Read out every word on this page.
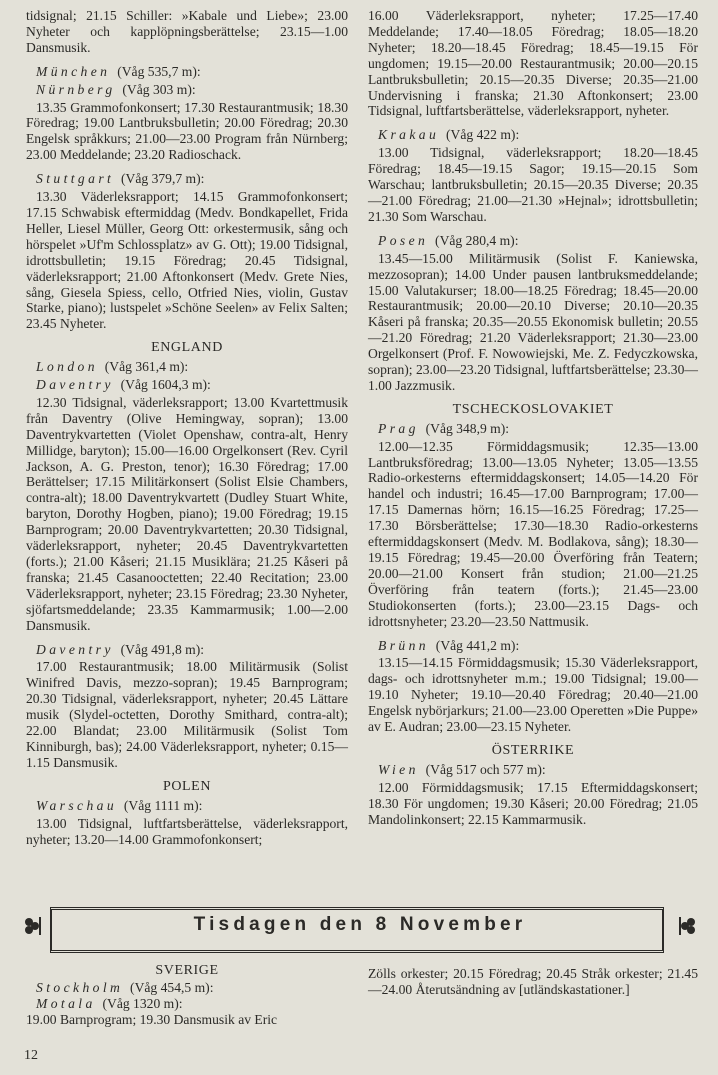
tidsignal; 21.15 Schiller: »Kabale und Liebe»; 23.00 Nyheter och kapplöpningsberättelse; 23.15—1.00 Dansmusik.

München (Våg 535,7 m):
Nürnberg (Våg 303 m):

13.35 Grammofonkonsert; 17.30 Restaurantmusik; 18.30 Föredrag; 19.00 Lantbruksbulletin; 20.00 Föredrag; 20.30 Engelsk språkkurs; 21.00—23.00 Program från Nürnberg; 23.00 Meddelande; 23.20 Radioschack.

Stuttgart (Våg 379,7 m):

13.30 Väderleksrapport; 14.15 Grammofonkonsert; 17.15 Schwabisk eftermiddag (Medv. Bondkapellet, Frida Heller, Liesel Müller, Georg Ott: orkestermusik, sång och hörspelet »Uf'm Schlossplatz» av G. Ott); 19.00 Tidsignal, idrottsbulletin; 19.15 Föredrag; 20.45 Tidsignal, väderleksrapport; 21.00 Aftonkonsert (Medv. Grete Nies, sång, Giesela Spiess, cello, Otfried Nies, violin, Gustav Starke, piano); lustspelet »Schöne Seelen» av Felix Salten; 23.45 Nyheter.

ENGLAND
London (Våg 361,4 m):
Daventry (Våg 1604,3 m):

12.30 Tidsignal, väderleksrapport; 13.00 Kvartettmusik från Daventry (Olive Hemingway, sopran); 13.00 Daventrykvartetten (Violet Openshaw, contra-alt, Henry Millidge, baryton); 15.00—16.00 Orgelkonsert (Rev. Cyril Jackson, A. G. Preston, tenor); 16.30 Föredrag; 17.00 Berättelser; 17.15 Militärkonsert (Solist Elsie Chambers, contra-alt); 18.00 Daventrykvartett (Dudley Stuart White, baryton, Dorothy Hogben, piano); 19.00 Föredrag; 19.15 Barnprogram; 20.00 Daventrykvartetten; 20.30 Tidsignal, väderleksrapport, nyheter; 20.45 Daventrykvartetten (forts.); 21.00 Kåseri; 21.15 Musiklära; 21.25 Kåseri på franska; 21.45 Casanooctetten; 22.40 Recitation; 23.00 Väderleksrapport, nyheter; 23.15 Föredrag; 23.30 Nyheter, sjöfartsmeddelande; 23.35 Kammarmusik; 1.00—2.00 Dansmusik.

Daventry (Våg 491,8 m):

17.00 Restaurantmusik; 18.00 Militärmusik (Solist Winifred Davis, mezzo-sopran); 19.45 Barnprogram; 20.30 Tidsignal, väderleksrapport, nyheter; 20.45 Lättare musik (Slydel-octetten, Dorothy Smithard, contra-alt); 22.00 Blandat; 23.00 Militärmusik (Solist Tom Kinniburgh, bas); 24.00 Väderleksrapport, nyheter; 0.15—1.15 Dansmusik.

POLEN
Warschau (Våg 1111 m):

13.00 Tidsignal, luftfartsberättelse, väderleksrapport, nyheter; 13.20—14.00 Grammofonkonsert;

16.00 Väderleksrapport, nyheter; 17.25—17.40 Meddelande; 17.40—18.05 Föredrag; 18.05—18.20 Nyheter; 18.20—18.45 Föredrag; 18.45—19.15 För ungdomen; 19.15—20.00 Restaurantmusik; 20.00—20.15 Lantbruksbulletin; 20.15—20.35 Diverse; 20.35—21.00 Undervisning i franska; 21.30 Aftonkonsert; 23.00 Tidsignal, luftfartsberättelse, väderleksrapport, nyheter.

Krakau (Våg 422 m):

13.00 Tidsignal, väderleksrapport; 18.20—18.45 Föredrag; 18.45—19.15 Sagor; 19.15—20.15 Som Warschau; lantbruksbulletin; 20.15—20.35 Diverse; 20.35—21.00 Föredrag; 21.00—21.30 »Hejnal»; idrottsbulletin; 21.30 Som Warschau.

Posen (Våg 280,4 m):

13.45—15.00 Militärmusik (Solist F. Kaniewska, mezzosopran); 14.00 Under pausen lantbruksmeddelande; 15.00 Valutakurser; 18.00—18.25 Föredrag; 18.45—20.00 Restaurantmusik; 20.00—20.10 Diverse; 20.10—20.35 Kåseri på franska; 20.35—20.55 Ekonomisk bulletin; 20.55—21.20 Föredrag; 21.20 Väderleksrapport; 21.30—23.00 Orgelkonsert (Prof. F. Nowowiejski, Me. Z. Fedyczkowska, sopran); 23.00—23.20 Tidsignal, luftfartsberättelse; 23.30—1.00 Jazzmusik.

TSCHECKOSLOVAKIET
Prag (Våg 348,9 m):

12.00—12.35 Förmiddagsmusik; 12.35—13.00 Lantbruksföredrag; 13.00—13.05 Nyheter; 13.05—13.55 Radio-orkesterns eftermiddagskonsert; 14.05—14.20 För handel och industri; 16.45—17.00 Barnprogram; 17.00—17.15 Damernas hörn; 16.15—16.25 Föredrag; 17.25—17.30 Börsberättelse; 17.30—18.30 Radio-orkesterns eftermiddagskonsert (Medv. M. Bodlakova, sång); 18.30—19.15 Föredrag; 19.45—20.00 Överföring från Teatern; 20.00—21.00 Konsert från studion; 21.00—21.25 Överföring från teatern (forts.); 21.45—23.00 Studiokonserten (forts.); 23.00—23.15 Dags- och idrottsnyheter; 23.20—23.50 Nattmusik.

Brünn (Våg 441,2 m):

13.15—14.15 Förmiddagsmusik; 15.30 Väderleksrapport, dags- och idrottsnyheter m.m.; 19.00 Tidsignal; 19.00—19.10 Nyheter; 19.10—20.40 Föredrag; 20.40—21.00 Engelsk nybörjarkurs; 21.00—23.00 Operetten »Die Puppe» av E. Audran; 23.00—23.15 Nyheter.

ÖSTERRIKE
Wien (Våg 517 och 577 m):

12.00 Förmiddagsmusik; 17.15 Eftermiddagskonsert; 18.30 För ungdomen; 19.30 Kåseri; 20.00 Föredrag; 21.05 Mandolinkonsert; 22.15 Kammarmusik.

Tisdagen den 8 November
SVERIGE
Stockholm (Våg 454,5 m):
Motala (Våg 1320 m):

19.00 Barnprogram; 19.30 Dansmusik av Eric

Zölls orkester; 20.15 Föredrag; 20.45 Stråk orkester; 21.45—24.00 Återutsändning av [utländskastationer.]

12
